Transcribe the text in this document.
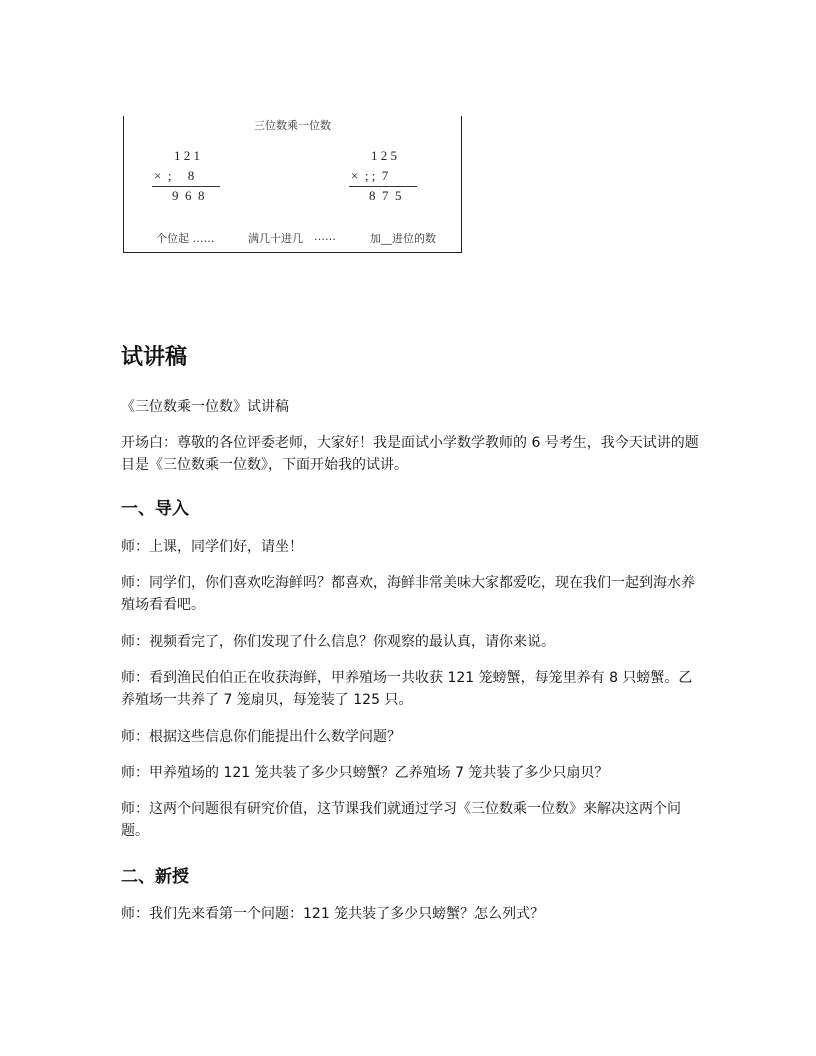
三位数乘一位数
1 2 1
×  ;     8
9  6  8
1 2 5
×  ; ;  7
8  7  5
个位起 ……	满几十进几 ……	加__进位的数
试讲稿
《三位数乘一位数》试讲稿
开场白：尊敬的各位评委老师，大家好！我是面试小学数学教师的 6 号考生，我今天试讲的题目是《三位数乘一位数》，下面开始我的试讲。
一、导入
师：上课，同学们好，请坐！
师：同学们，你们喜欢吃海鲜吗？都喜欢，海鲜非常美味大家都爱吃，现在我们一起到海水养殖场看看吧。
师：视频看完了，你们发现了什么信息？你观察的最认真，请你来说。
师：看到渔民伯伯正在收获海鲜，甲养殖场一共收获 121 笼螃蟹，每笼里养有 8 只螃蟹。乙养殖场一共养了 7 笼扇贝，每笼装了 125 只。
师：根据这些信息你们能提出什么数学问题？
师：甲养殖场的 121 笼共装了多少只螃蟹？乙养殖场 7 笼共装了多少只扇贝？
师：这两个问题很有研究价值，这节课我们就通过学习《三位数乘一位数》来解决这两个问题。
二、新授
师：我们先来看第一个问题：121 笼共装了多少只螃蟹？怎么列式？
